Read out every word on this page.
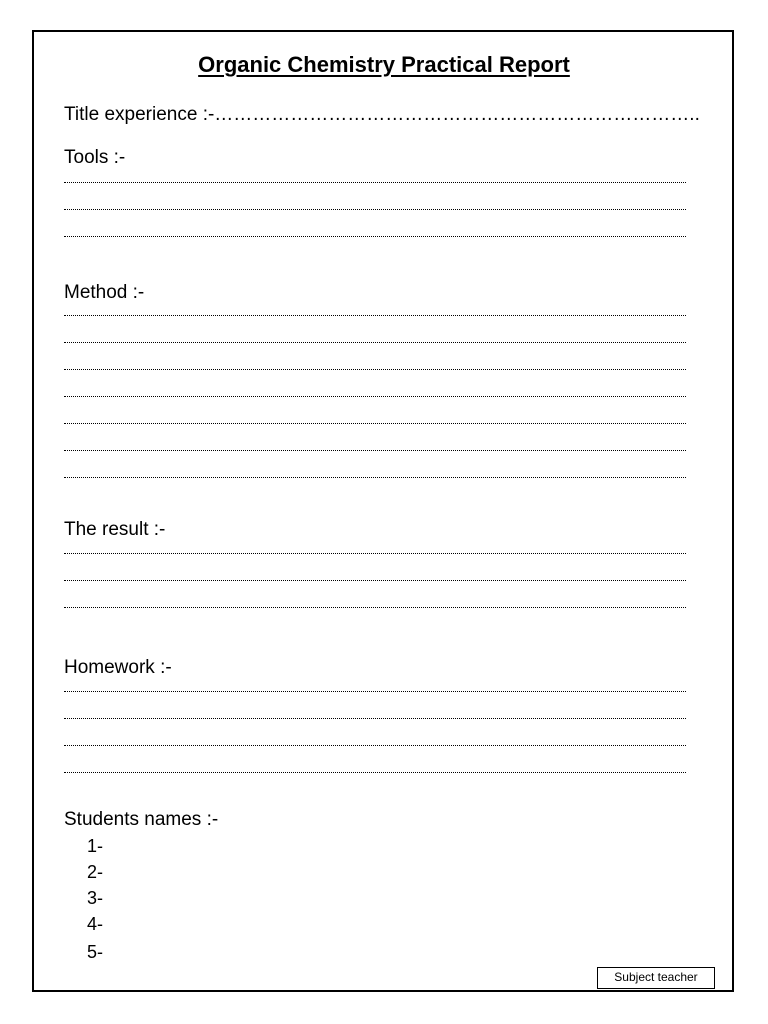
Organic Chemistry Practical Report
Title experience :-…………………………………………………………………..
Tools :-
Method :-
The result :-
Homework :-
Students names :-
1-
2-
3-
4-
5-
Subject teacher
